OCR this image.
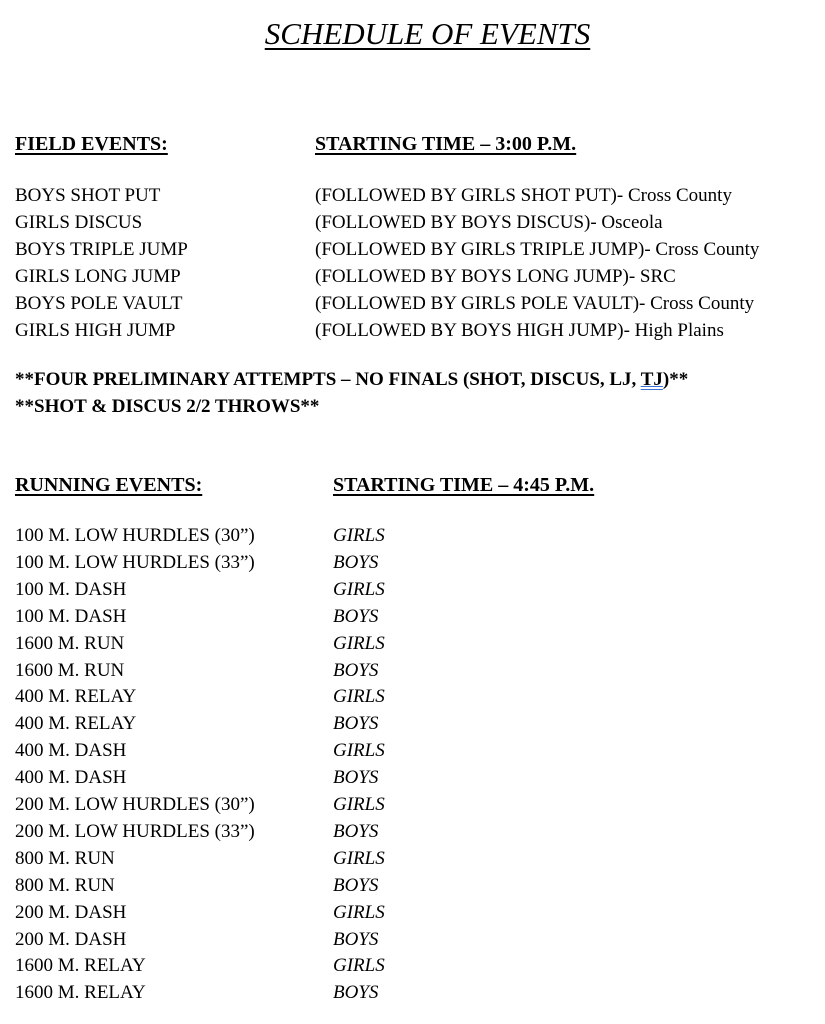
SCHEDULE OF EVENTS
FIELD EVENTS:	STARTING TIME – 3:00 P.M.
BOYS SHOT PUT	(FOLLOWED BY GIRLS SHOT PUT)- Cross County
GIRLS DISCUS	(FOLLOWED BY BOYS DISCUS)- Osceola
BOYS TRIPLE JUMP	(FOLLOWED BY GIRLS TRIPLE JUMP)- Cross County
GIRLS LONG JUMP	(FOLLOWED BY BOYS LONG JUMP)- SRC
BOYS POLE VAULT	(FOLLOWED BY GIRLS POLE VAULT)- Cross County
GIRLS HIGH JUMP	(FOLLOWED BY BOYS HIGH JUMP)- High Plains
**FOUR PRELIMINARY ATTEMPTS – NO FINALS (SHOT, DISCUS, LJ, TJ)**
**SHOT & DISCUS 2/2 THROWS**
RUNNING EVENTS:	STARTING TIME – 4:45 P.M.
100 M. LOW HURDLES (30”)	GIRLS
100 M. LOW HURDLES (33”)	BOYS
100 M. DASH	GIRLS
100 M. DASH	BOYS
1600 M. RUN	GIRLS
1600 M. RUN	BOYS
400 M. RELAY	GIRLS
400 M. RELAY	BOYS
400 M. DASH	GIRLS
400 M. DASH	BOYS
200 M. LOW HURDLES (30”)	GIRLS
200 M. LOW HURDLES (33”)	BOYS
800 M. RUN	GIRLS
800 M. RUN	BOYS
200 M. DASH	GIRLS
200 M. DASH	BOYS
1600 M. RELAY	GIRLS
1600 M. RELAY	BOYS
